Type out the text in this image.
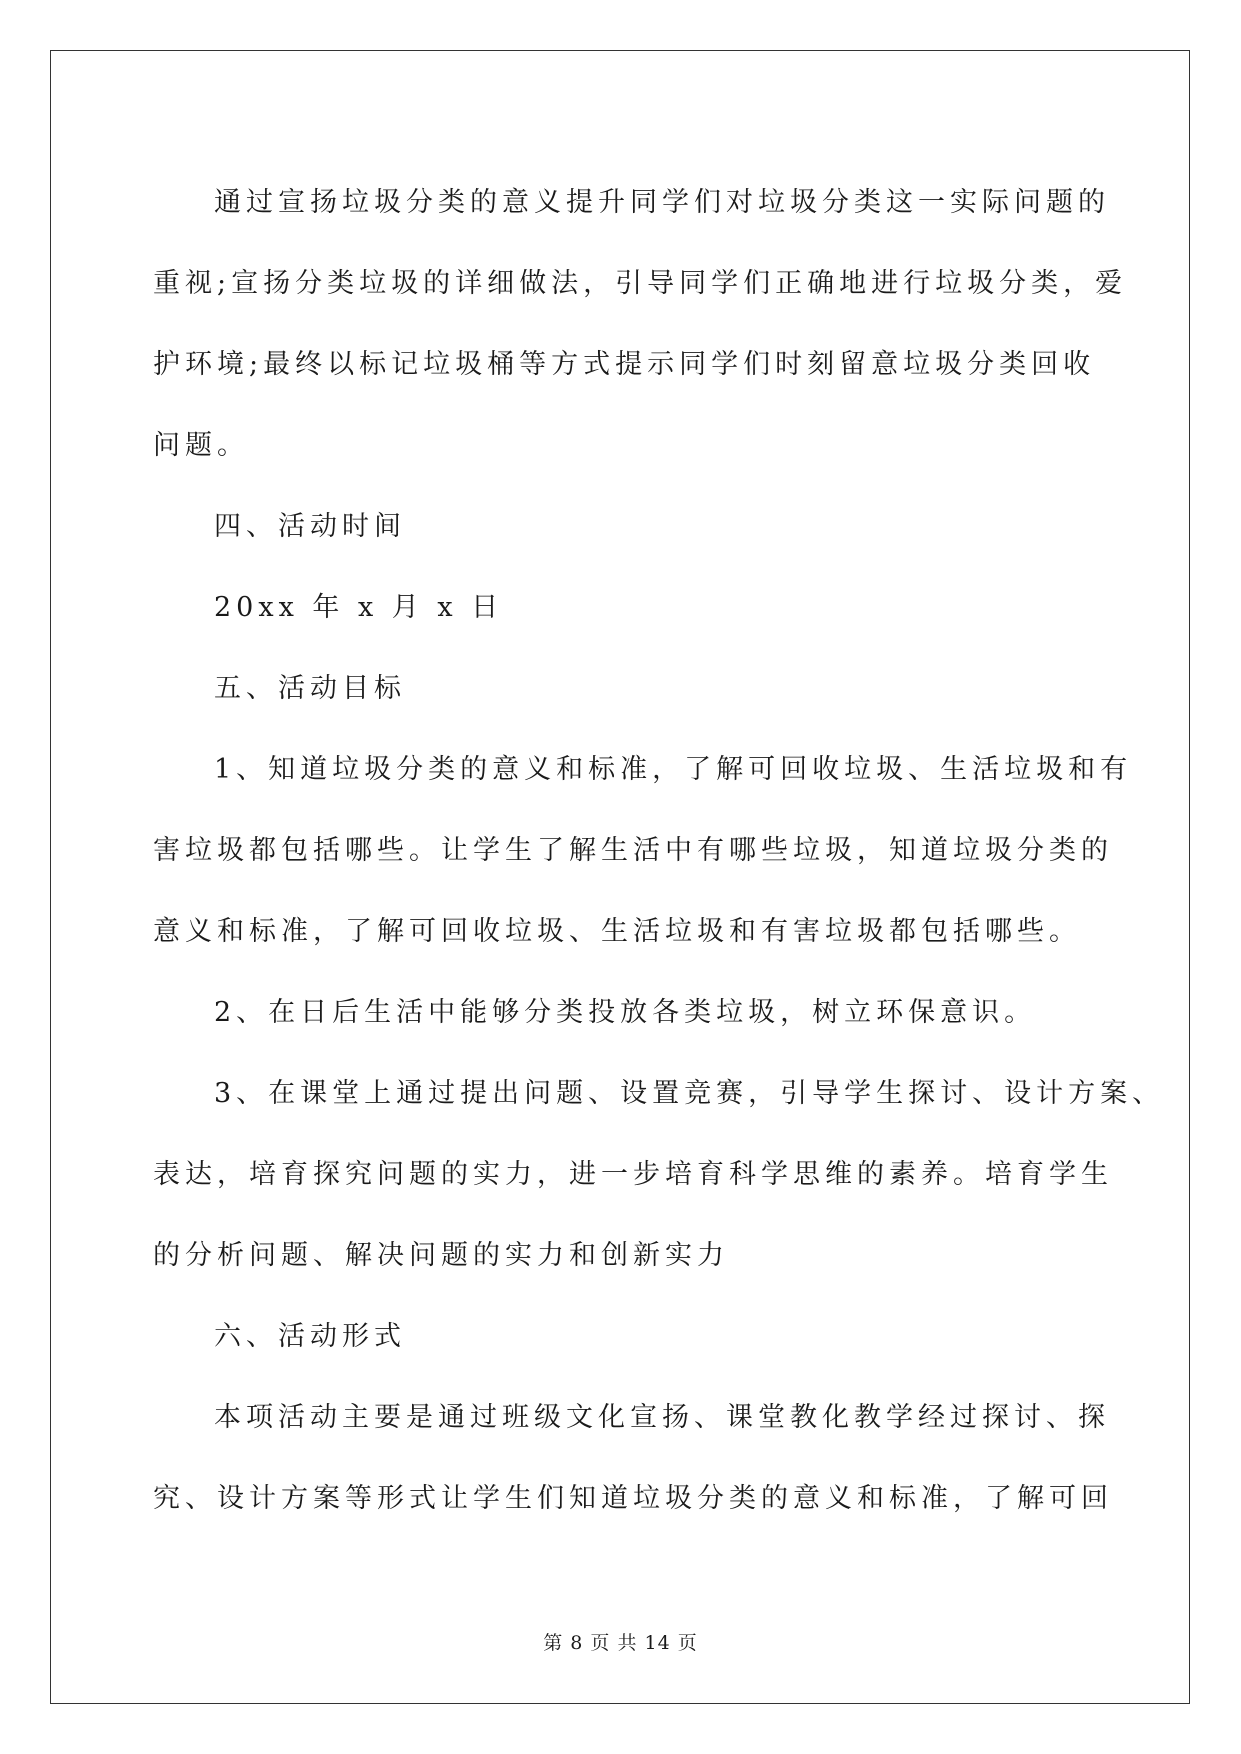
通过宣扬垃圾分类的意义提升同学们对垃圾分类这一实际问题的
重视;宣扬分类垃圾的详细做法，引导同学们正确地进行垃圾分类，爱
护环境;最终以标记垃圾桶等方式提示同学们时刻留意垃圾分类回收
问题。
四、活动时间
20xx 年 x 月 x 日
五、活动目标
1、知道垃圾分类的意义和标准，了解可回收垃圾、生活垃圾和有
害垃圾都包括哪些。让学生了解生活中有哪些垃圾，知道垃圾分类的
意义和标准，了解可回收垃圾、生活垃圾和有害垃圾都包括哪些。
2、在日后生活中能够分类投放各类垃圾，树立环保意识。
3、在课堂上通过提出问题、设置竞赛，引导学生探讨、设计方案、
表达，培育探究问题的实力，进一步培育科学思维的素养。培育学生
的分析问题、解决问题的实力和创新实力
六、活动形式
本项活动主要是通过班级文化宣扬、课堂教化教学经过探讨、探
究、设计方案等形式让学生们知道垃圾分类的意义和标准，了解可回
第 8 页 共 14 页
